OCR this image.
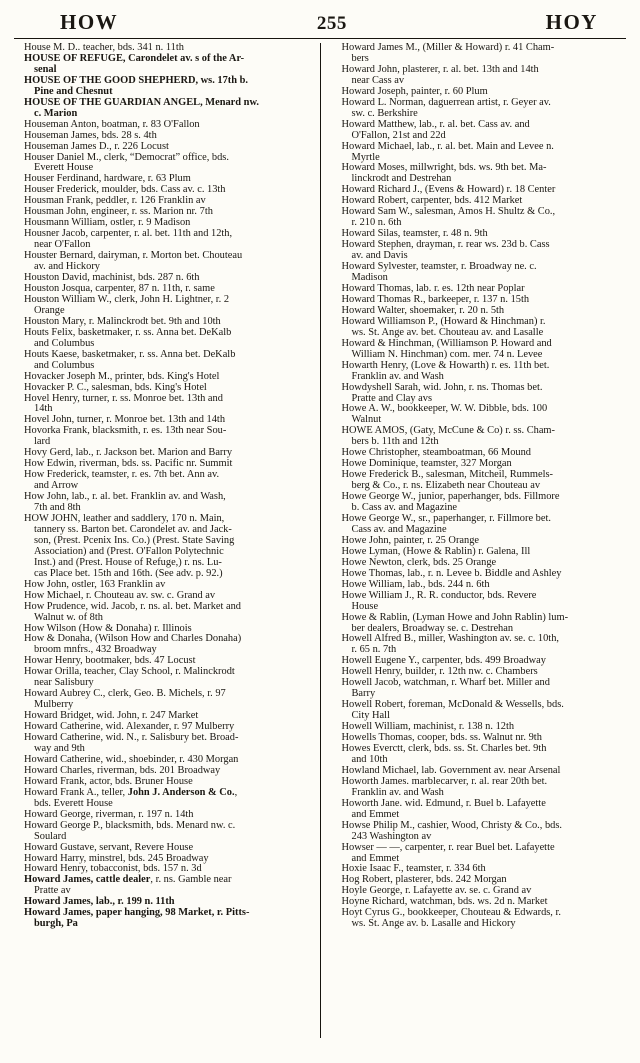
HOW	255	HOY

House M. D.. teacher, bds. 341 n. 11th

HOUSE OF REFUGE, Carondelet av. s of the Ar-
senal

HOUSE OF THE GOOD SHEPHERD, ws. 17th b.
Pine and Chesnut

HOUSE OF THE GUARDIAN ANGEL, Menard nw.
c. Marion

Houseman Anton, boatman, r. 83 O'Fallon

Houseman James, bds. 28 s. 4th

Houseman James D., r. 226 Locust

Houser Daniel M., clerk, “Democrat” office, bds.
Everett House

Houser Ferdinand, hardware, r. 63 Plum

Houser Frederick, moulder, bds. Cass av. c. 13th

Housman Frank, peddler, r. 126 Franklin av

Housman John, engineer, r. ss. Marion nr. 7th

Housmann William, ostler, r. 9 Madison

Housner Jacob, carpenter, r. al. bet. 11th and 12th,
near O'Fallon

Houster Bernard, dairyman, r. Morton bet. Chouteau
av. and Hickory

Houston David, machinist, bds. 287 n. 6th

Houston Josqua, carpenter, 87 n. 11th, r. same

Houston William W., clerk, John H. Lightner, r. 2
Orange

Houston Mary, r. Malinckrodt bet. 9th and 10th

Houts Felix, basketmaker, r. ss. Anna bet. DeKalb
and Columbus

Houts Kaese, basketmaker, r. ss. Anna bet. DeKalb
and Columbus

Hovacker Joseph M., printer, bds. King's Hotel

Hovacker P. C., salesman, bds. King's Hotel

Hovel Henry, turner, r. ss. Monroe bet. 13th and
14th

Hovel John, turner, r. Monroe bet. 13th and 14th

Hovorka Frank, blacksmith, r. es. 13th near Sou-
lard

Hovy Gerd, lab., r. Jackson bet. Marion and Barry

How Edwin, riverman, bds. ss. Pacific nr. Summit

How Frederick, teamster, r. es. 7th bet. Ann av.
and Arrow

How John, lab., r. al. bet. Franklin av. and Wash,
7th and 8th

HOW JOHN, leather and saddlery, 170 n. Main,
tannery ss. Barton bet. Carondelet av. and Jack-
son, (Prest. Pcenix Ins. Co.) (Prest. State Saving
Association) and (Prest. O'Fallon Polytechnic
Inst.) and (Prest. House of Refuge,) r. ns. Lu-
cas Place bet. 15th and 16th. (See adv. p. 92.)

How John, ostler, 163 Franklin av

How Michael, r. Chouteau av. sw. c. Grand av

How Prudence, wid. Jacob, r. ns. al. bet. Market and
Walnut w. of 8th

How Wilson (How & Donaha) r. Illinois

How & Donaha, (Wilson How and Charles Donaha)
broom mnfrs., 432 Broadway

Howar Henry, bootmaker, bds. 47 Locust

Howar Orilla, teacher, Clay School, r. Malinckrodt
near Salisbury

Howard Aubrey C., clerk, Geo. B. Michels, r. 97
Mulberry

Howard Bridget, wid. John, r. 247 Market

Howard Catherine, wid. Alexander, r. 97 Mulberry

Howard Catherine, wid. N., r. Salisbury bet. Broad-
way and 9th

Howard Catherine, wid., shoebinder, r. 430 Morgan

Howard Charles, riverman, bds. 201 Broadway

Howard Frank, actor, bds. Bruner House

Howard Frank A., teller, John J. Anderson & Co.,
bds. Everett House

Howard George, riverman, r. 197 n. 14th

Howard George P., blacksmith, bds. Menard nw. c.
Soulard

Howard Gustave, servant, Revere House

Howard Harry, minstrel, bds. 245 Broadway

Howard Henry, tobacconist, bds. 157 n. 3d

Howard James, cattle dealer, r. ns. Gamble near
Pratte av

Howard James, lab., r. 199 n. 11th

Howard James, paper hanging, 98 Market, r. Pitts-
burgh, Pa

Howard James M., (Miller & Howard) r. 41 Cham-
bers

Howard John, plasterer, r. al. bet. 13th and 14th
near Cass av

Howard Joseph, painter, r. 60 Plum

Howard L. Norman, daguerrean artist, r. Geyer av.
sw. c. Berkshire

Howard Matthew, lab., r. al. bet. Cass av. and
O'Fallon, 21st and 22d

Howard Michael, lab., r. al. bet. Main and Levee n.
Myrtle

Howard Moses, millwright, bds. ws. 9th bet. Ma-
linckrodt and Destrehan

Howard Richard J., (Evens & Howard) r. 18 Center

Howard Robert, carpenter, bds. 412 Market

Howard Sam W., salesman, Amos H. Shultz & Co.,
r. 210 n. 6th

Howard Silas, teamster, r. 48 n. 9th

Howard Stephen, drayman, r. rear ws. 23d b. Cass
av. and Davis

Howard Sylvester, teamster, r. Broadway ne. c.
Madison

Howard Thomas, lab. r. es. 12th near Poplar

Howard Thomas R., barkeeper, r. 137 n. 15th

Howard Walter, shoemaker, r. 20 n. 5th

Howard Williamson P., (Howard & Hinchman) r.
ws. St. Ange av. bet. Chouteau av. and Lasalle

Howard & Hinchman, (Williamson P. Howard and
William N. Hinchman) com. mer. 74 n. Levee

Howarth Henry, (Love & Howarth) r. es. 11th bet.
Franklin av. and Wash

Howdyshell Sarah, wid. John, r. ns. Thomas bet.
Pratte and Clay avs

Howe A. W., bookkeeper, W. W. Dibble, bds. 100
Walnut

HOWE AMOS, (Gaty, McCune & Co) r. ss. Cham-
bers b. 11th and 12th

Howe Christopher, steamboatman, 66 Mound

Howe Dominique, teamster, 327 Morgan

Howe Frederick B., salesman, Mitcheil, Rummels-
berg & Co., r. ns. Elizabeth near Chouteau av

Howe George W., junior, paperhanger, bds. Fillmore
b. Cass av. and Magazine

Howe George W., sr., paperhanger, r. Fillmore bet.
Cass av. and Magazine

Howe John, painter, r. 25 Orange

Howe Lyman, (Howe & Rablin) r. Galena, Ill

Howe Newton, clerk, bds. 25 Orange

Howe Thomas, lab., r. n. Levee b. Biddle and Ashley

Howe William, lab., bds. 244 n. 6th

Howe William J., R. R. conductor, bds. Revere
House

Howe & Rablin, (Lyman Howe and John Rablin) lum-
ber dealers, Broadway se. c. Destrehan

Howell Alfred B., miller, Washington av. se. c. 10th,
r. 65 n. 7th

Howell Eugene Y., carpenter, bds. 499 Broadway

Howell Henry, builder, r. 12th nw. c. Chambers

Howell Jacob, watchman, r. Wharf bet. Miller and
Barry

Howell Robert, foreman, McDonald & Wessells, bds.
City Hall

Howell William, machinist, r. 138 n. 12th

Howells Thomas, cooper, bds. ss. Walnut nr. 9th

Howes Everctt, clerk, bds. ss. St. Charles bet. 9th
and 10th

Howland Michael, lab. Government av. near Arsenal

Howorth James. marblecarver, r. al. rear 20th bet.
Franklin av. and Wash

Howorth Jane. wid. Edmund, r. Buel b. Lafayette
and Emmet

Howse Philip M., cashier, Wood, Christy & Co., bds.
243 Washington av

Howser — —, carpenter, r. rear Buel bet. Lafayette
and Emmet

Hoxie Isaac F., teamster, r. 334 6th

Hog Robert, plasterer, bds. 242 Morgan

Hoyle George, r. Lafayette av. se. c. Grand av

Hoyne Richard, watchman, bds. ws. 2d n. Market

Hoyt Cyrus G., bookkeeper, Chouteau & Edwards, r.
ws. St. Ange av. b. Lasalle and Hickory
